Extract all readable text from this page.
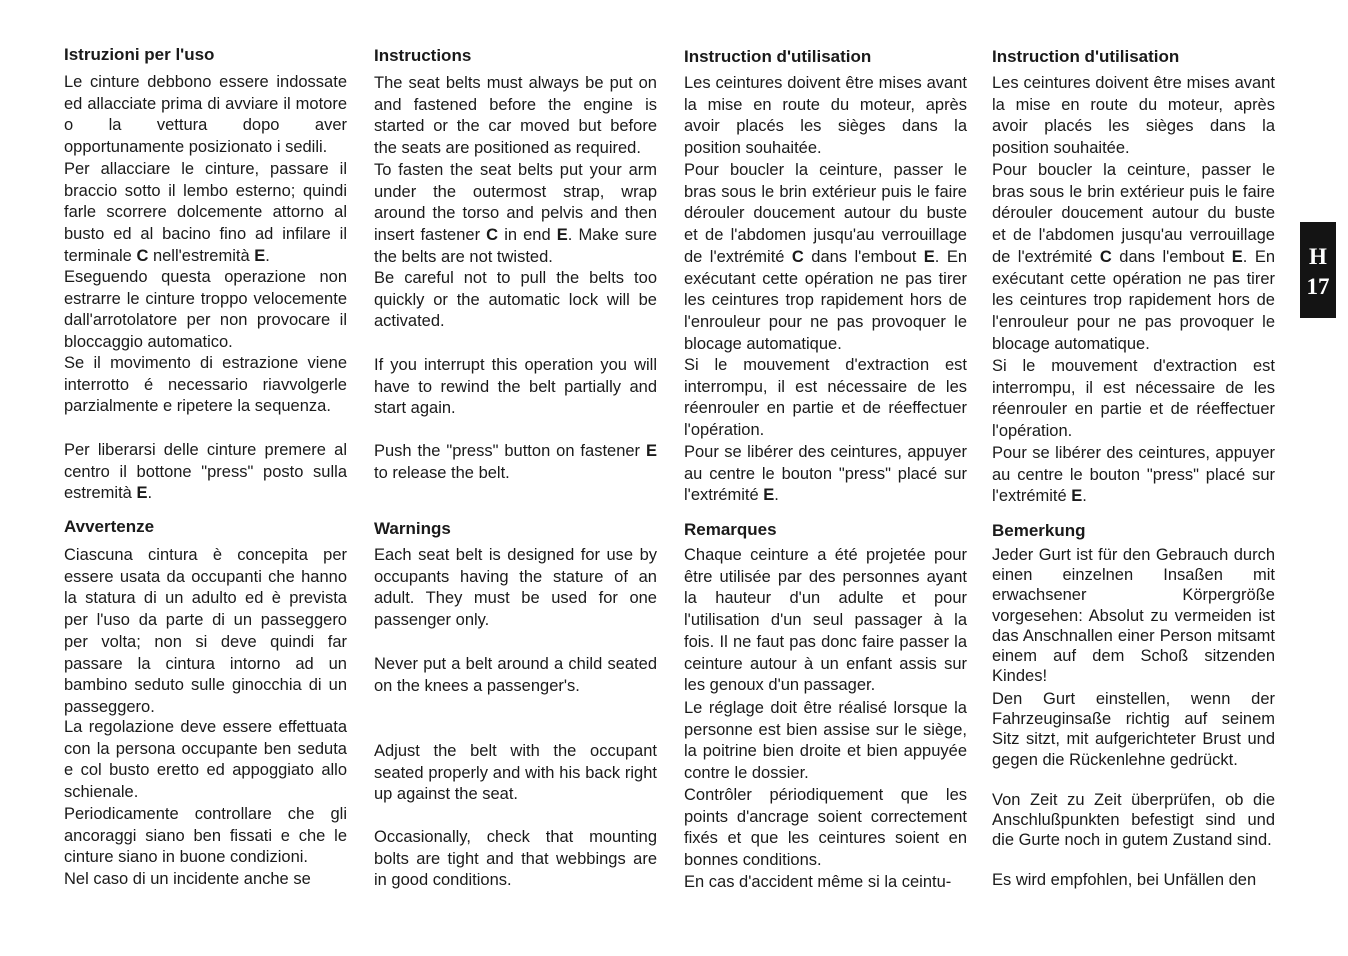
Istruzioni per l'uso

Le cinture debbono essere indossate ed allacciate prima di avviare il motore o la vettura dopo aver opportunamente posizionato i sedili.

Per allacciare le cinture, passare il braccio sotto il lembo esterno; quindi farle scorrere dolcemente attorno al busto ed al bacino fino ad infilare il terminale C nell'estremità E.

Eseguendo questa operazione non estrarre le cinture troppo velocemente dall'arrotolatore per non provocare il bloccaggio automatico.

Se il movimento di estrazione viene interrotto é necessario riavvolgerle parzialmente e ripetere la sequenza.

Per liberarsi delle cinture premere al centro il bottone "press" posto sulla estremità E.

Avvertenze

Ciascuna cintura è concepita per essere usata da occupanti che hanno la statura di un adulto ed è prevista per l'uso da parte di un passeggero per volta; non si deve quindi far passare la cintura intorno ad un bambino seduto sulle ginocchia di un passeggero.

La regolazione deve essere effettuata con la persona occupante ben seduta e col busto eretto ed appoggiato allo schienale.

Periodicamente controllare che gli ancoraggi siano ben fissati e che le cinture siano in buone condizioni.

Nel caso di un incidente anche se

Instructions

The seat belts must always be put on and fastened before the engine is started or the car moved but before the seats are positioned as required.

To fasten the seat belts put your arm under the outermost strap, wrap around the torso and pelvis and then insert fastener C in end E. Make sure the belts are not twisted.

Be careful not to pull the belts too quickly or the automatic lock will be activated.

If you interrupt this operation you will have to rewind the belt partially and start again.

Push the "press" button on fastener E to release the belt.

Warnings

Each seat belt is designed for use by occupants having the stature of an adult. They must be used for one passenger only.

Never put a belt around a child seated on the knees a passenger's.

Adjust the belt with the occupant seated properly and with his back right up against the seat.

Occasionally, check that mounting bolts are tight and that webbings are in good conditions.

Instruction d'utilisation

Les ceintures doivent être mises avant la mise en route du moteur, après avoir placés les sièges dans la position souhaitée.

Pour boucler la ceinture, passer le bras sous le brin extérieur puis le faire dérouler doucement autour du buste et de l'abdomen jusqu'au verrouillage de l'extrémité C dans l'embout E. En exécutant cette opération ne pas tirer les ceintures trop rapidement hors de l'enrouleur pour ne pas provoquer le blocage automatique.

Si le mouvement d'extraction est interrompu, il est nécessaire de les réenrouler en partie et de réeffectuer l'opération.

Pour se libérer des ceintures, appuyer au centre le bouton "press" placé sur l'extrémité E.

Remarques

Chaque ceinture a été projetée pour être utilisée par des personnes ayant la hauteur d'un adulte et pour l'utilisation d'un seul passager à la fois. Il ne faut pas donc faire passer la ceinture autour à un enfant assis sur les genoux d'un passager.

Le réglage doit être réalisé lorsque la personne est bien assise sur le siège, la poitrine bien droite et bien appuyée contre le dossier.

Contrôler périodiquement que les points d'ancrage soient correctement fixés et que les ceintures soient en bonnes conditions.

En cas d'accident même si la ceintu-

Instruction d'utilisation

Les ceintures doivent être mises avant la mise en route du moteur, après avoir placés les sièges dans la position souhaitée.

Pour boucler la ceinture, passer le bras sous le brin extérieur puis le faire dérouler doucement autour du buste et de l'abdomen jusqu'au verrouillage de l'extrémité C dans l'embout E. En exécutant cette opération ne pas tirer les ceintures trop rapidement hors de l'enrouleur pour ne pas provoquer le blocage automatique.

Si le mouvement d'extraction est interrompu, il est nécessaire de les réenrouler en partie et de réeffectuer l'opération.

Pour se libérer des ceintures, appuyer au centre le bouton "press" placé sur l'extrémité E.

Bemerkung

Jeder Gurt ist für den Gebrauch durch einen einzelnen Insaßen mit erwachsener Körpergröße vorgesehen: Absolut zu vermeiden ist das Anschnallen einer Person mitsamt einem auf dem Schoß sitzenden Kindes!

Den Gurt einstellen, wenn der Fahrzeuginsaße richtig auf seinem Sitz sitzt, mit aufgerichteter Brust und gegen die Rückenlehne gedrückt.

Von Zeit zu Zeit überprüfen, ob die Anschlußpunkten befestigt sind und die Gurte noch in gutem Zustand sind.

Es wird empfohlen, bei Unfällen den

H
17
